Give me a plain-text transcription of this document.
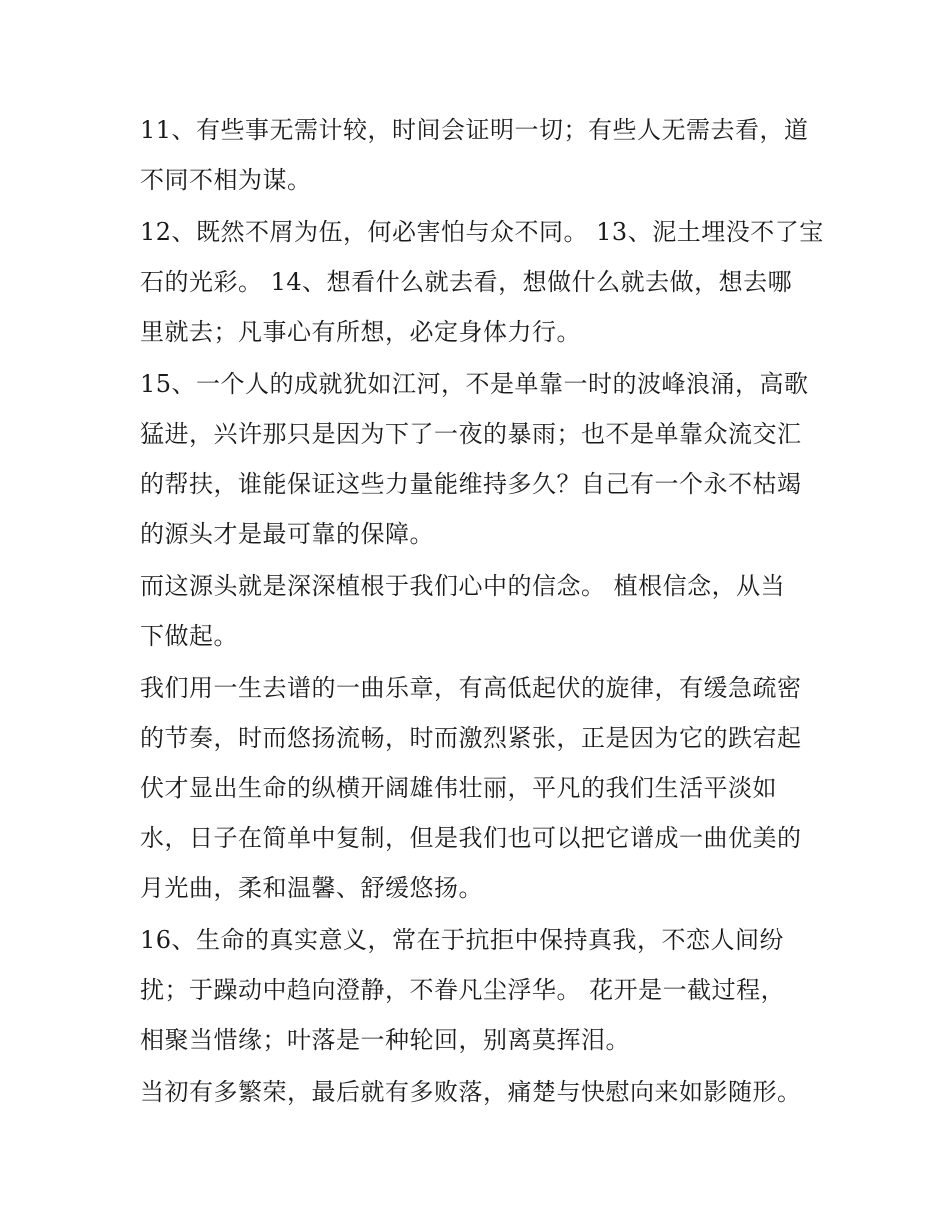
11、有些事无需计较，时间会证明一切；有些人无需去看，道
不同不相为谋。
12、既然不屑为伍，何必害怕与众不同。 13、泥土埋没不了宝
石的光彩。 14、想看什么就去看，想做什么就去做，想去哪
里就去；凡事心有所想，必定身体力行。
15、一个人的成就犹如江河，不是单靠一时的波峰浪涌，高歌
猛进，兴许那只是因为下了一夜的暴雨；也不是单靠众流交汇
的帮扶，谁能保证这些力量能维持多久？自己有一个永不枯竭
的源头才是最可靠的保障。
而这源头就是深深植根于我们心中的信念。 植根信念，从当
下做起。
我们用一生去谱的一曲乐章，有高低起伏的旋律，有缓急疏密
的节奏，时而悠扬流畅，时而激烈紧张，正是因为它的跌宕起
伏才显出生命的纵横开阔雄伟壮丽，平凡的我们生活平淡如
水，日子在简单中复制，但是我们也可以把它谱成一曲优美的
月光曲，柔和温馨、舒缓悠扬。
16、生命的真实意义，常在于抗拒中保持真我，不恋人间纷
扰；于躁动中趋向澄静，不眷凡尘浮华。 花开是一截过程，
相聚当惜缘；叶落是一种轮回，别离莫挥泪。
当初有多繁荣，最后就有多败落，痛楚与快慰向来如影随形。
